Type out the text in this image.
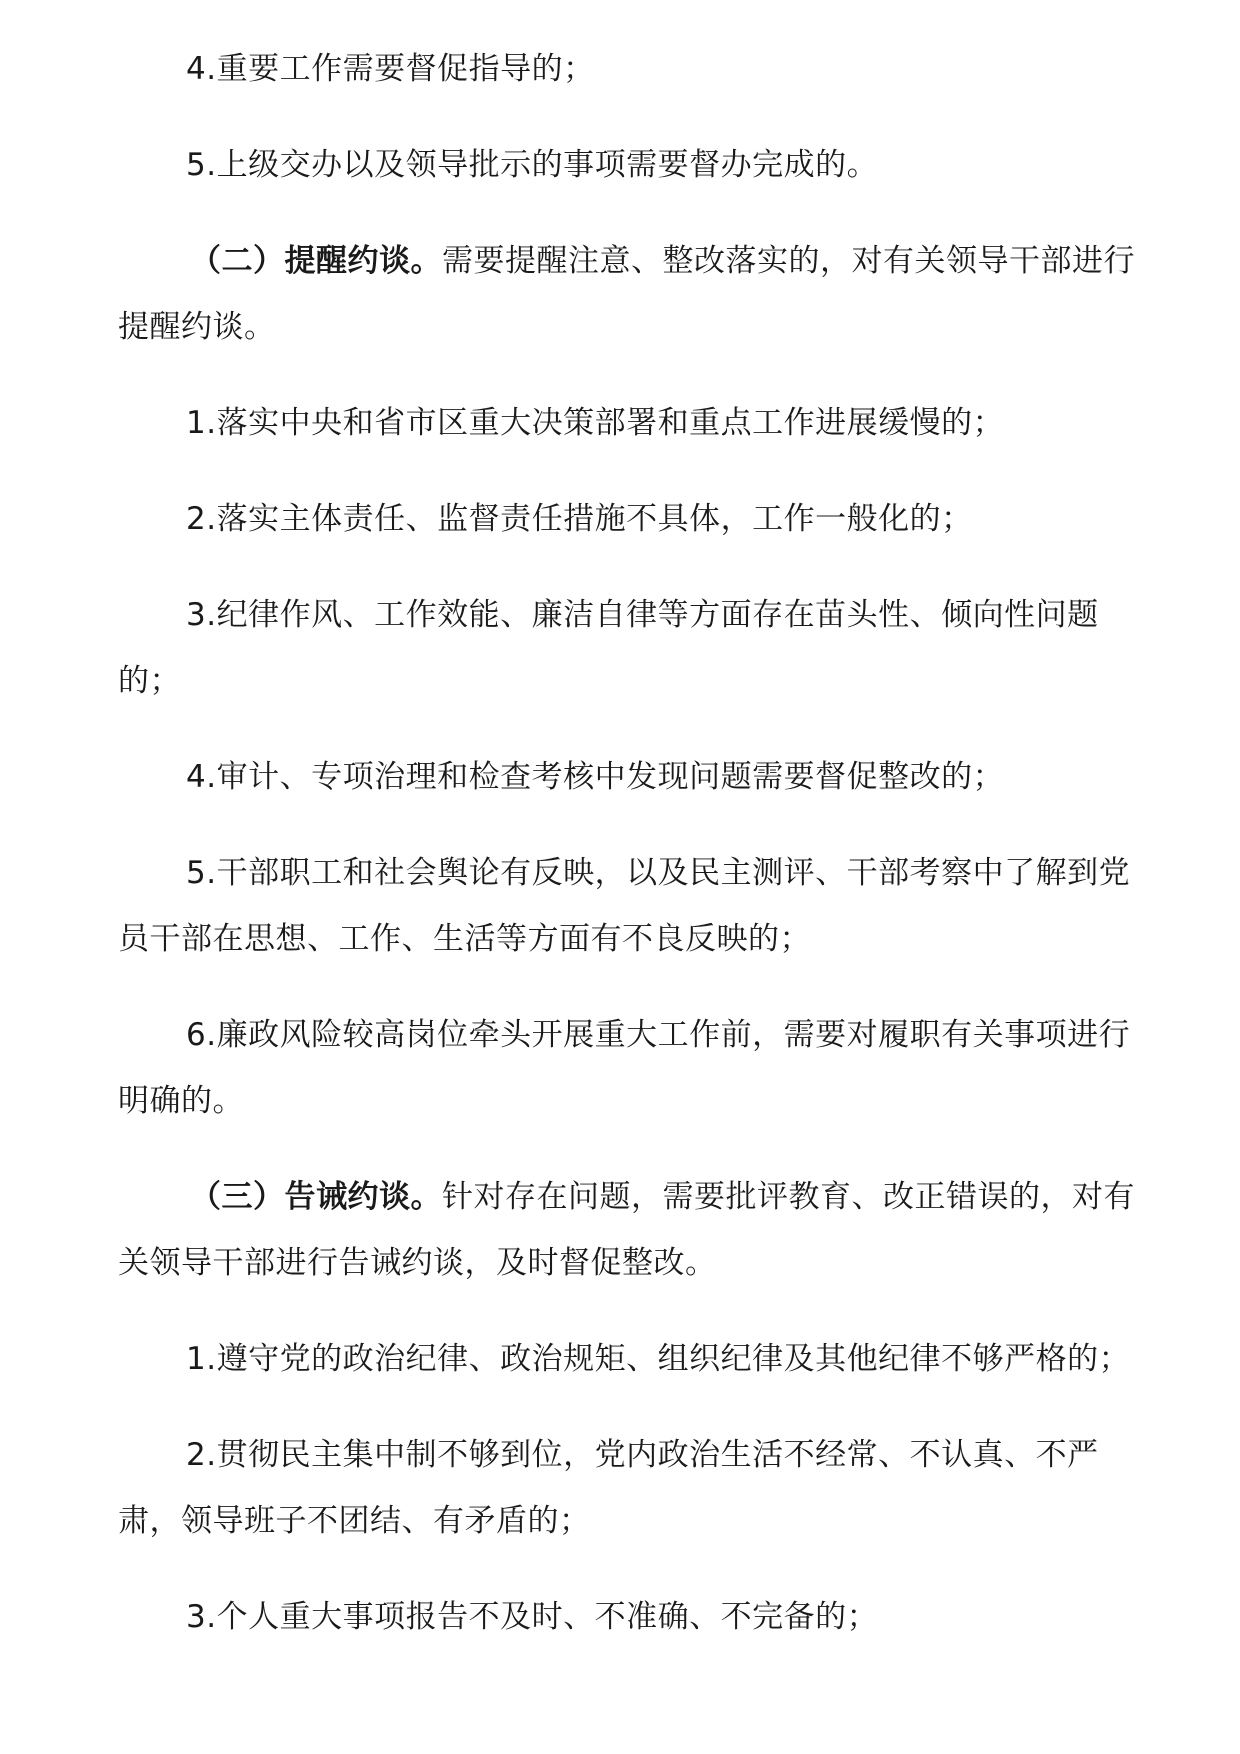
4.重要工作需要督促指导的；

5.上级交办以及领导批示的事项需要督办完成的。

（二）提醒约谈。需要提醒注意、整改落实的，对有关领导干部进行提醒约谈。

1.落实中央和省市区重大决策部署和重点工作进展缓慢的；

2.落实主体责任、监督责任措施不具体，工作一般化的；

3.纪律作风、工作效能、廉洁自律等方面存在苗头性、倾向性问题的；

4.审计、专项治理和检查考核中发现问题需要督促整改的；

5.干部职工和社会舆论有反映，以及民主测评、干部考察中了解到党员干部在思想、工作、生活等方面有不良反映的；

6.廉政风险较高岗位牵头开展重大工作前，需要对履职有关事项进行明确的。

（三）告诫约谈。针对存在问题，需要批评教育、改正错误的，对有关领导干部进行告诫约谈，及时督促整改。

1.遵守党的政治纪律、政治规矩、组织纪律及其他纪律不够严格的；

2.贯彻民主集中制不够到位，党内政治生活不经常、不认真、不严肃，领导班子不团结、有矛盾的；

3.个人重大事项报告不及时、不准确、不完备的；
